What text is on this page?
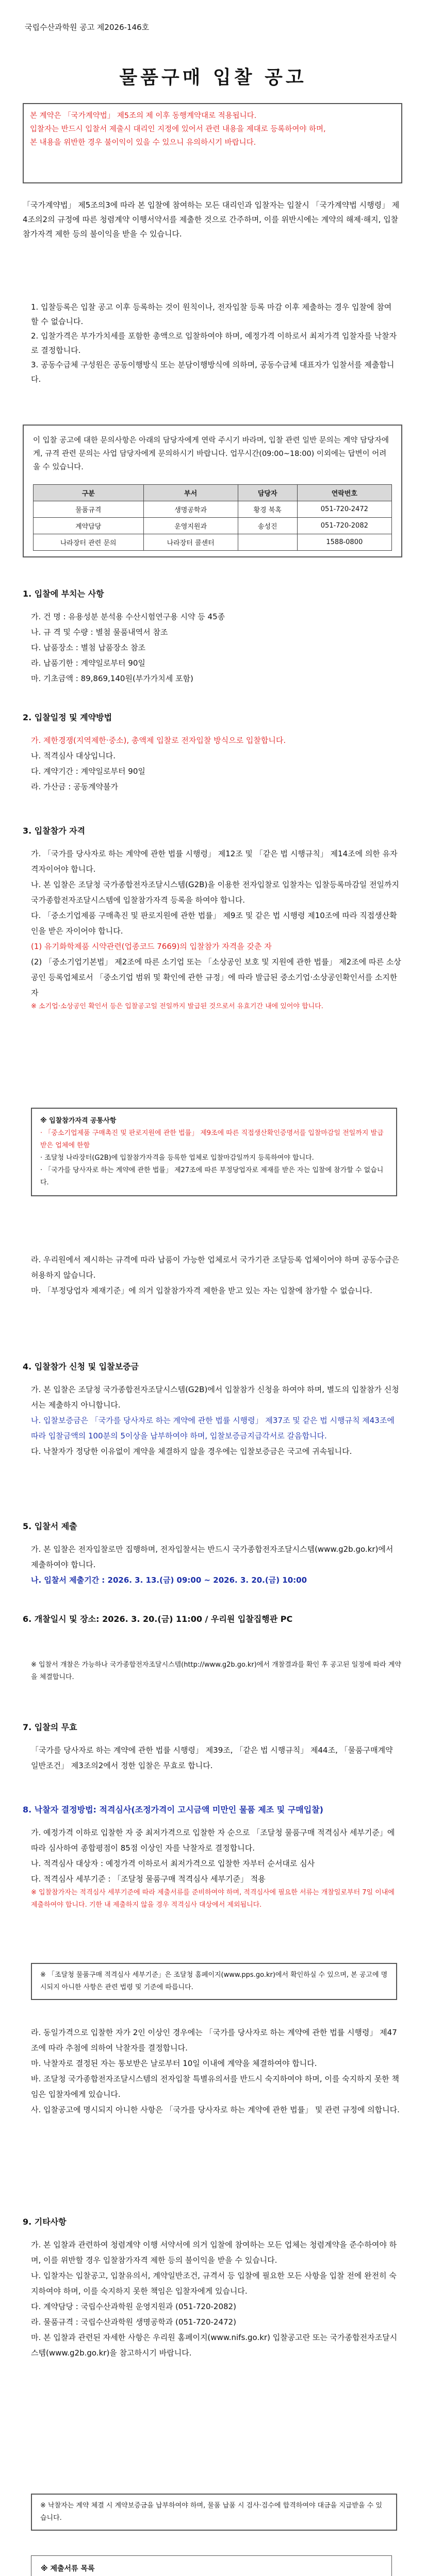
국립수산과학원 공고 제2026-146호
물품구매 입찰 공고
본 계약은 「국가계약법」 제5조의 제 이후 동행계약대로 적용됩니다.
입찰자는 반드시 입찰서 제출시 대리인 지정에 있어서 관련 내용을 제대로 등록하여야 하며,
본 내용을 위반한 경우 불이익이 있을 수 있으니 유의하시기 바랍니다.
「국가계약법」 제5조의3에 따라 본 입찰에 참여하는 모든 대리인과 입찰자는 입찰시 「국가계약법 시행령」 제4조의2의 규정에 따른 청렴계약 이행서약서를 제출한 것으로 간주하며, 이를 위반시에는 계약의 해제·해지, 입찰참가자격 제한 등의 불이익을 받을 수 있습니다.
1. 입찰등록은 입찰 공고 이후 등록하는 것이 원칙이나, 전자입찰 등록 마감 이후 제출하는 경우 입찰에 참여할 수 없습니다.
2. 입찰가격은 부가가치세를 포함한 총액으로 입찰하여야 하며, 예정가격 이하로서 최저가격 입찰자를 낙찰자로 결정합니다.
3. 공동수급체 구성원은 공동이행방식 또는 분담이행방식에 의하며, 공동수급체 대표자가 입찰서를 제출합니다.
이 입찰 공고에 대한 문의사항은 아래의 담당자에게 연락 주시기 바라며, 입찰 관련 일반 문의는 계약 담당자에게, 규격 관련 문의는 사업 담당자에게 문의하시기 바랍니다. 업무시간(09:00~18:00) 이외에는 답변이 어려울 수 있습니다.
구분	부서	담당자	연락번호
물품규격	생명공학과	황경 북혹	051-720-2472
계약담당	운영지원과	송성진	051-720-2082
나라장터 관련 문의	나라장터 콜센터		1588-0800
1. 입찰에 부치는 사항
가. 건 명 : 유용성분 분석용 수산시험연구용 시약 등 45종
나. 규 격 및 수량 : 별첨 물품내역서 참조
다. 납품장소 : 별첨 납품장소 참조
라. 납품기한 : 계약일로부터 90일
마. 기초금액 : 89,869,140원(부가가치세 포함)
2. 입찰일정 및 계약방법
가. 제한경쟁(지역제한·중소), 총액제 입찰로 전자입찰 방식으로 입찰합니다.
나. 적격심사 대상입니다.
다. 계약기간 : 계약일로부터 90일
라. 가산금 : 공동계약불가
3. 입찰참가 자격
가. 「국가를 당사자로 하는 계약에 관한 법률 시행령」 제12조 및 「같은 법 시행규칙」 제14조에 의한 유자격자이어야 합니다.
나. 본 입찰은 조달청 국가종합전자조달시스템(G2B)을 이용한 전자입찰로 입찰자는 입찰등록마감일 전일까지 국가종합전자조달시스템에 입찰참가자격 등록을 하여야 합니다.
다. 「중소기업제품 구매촉진 및 판로지원에 관한 법률」 제9조 및 같은 법 시행령 제10조에 따라 직접생산확인을 받은 자이어야 합니다.
(1) 유기화학제품 시약관련(업종코드 7669)의 입찰참가 자격을 갖춘 자
(2) 「중소기업기본법」 제2조에 따른 소기업 또는 「소상공인 보호 및 지원에 관한 법률」 제2조에 따른 소상공인 등록업체로서 「중소기업 범위 및 확인에 관한 규정」에 따라 발급된 중소기업·소상공인확인서를 소지한 자
※ 소기업·소상공인 확인서 등은 입찰공고일 전일까지 발급된 것으로서 유효기간 내에 있어야 합니다.
※ 입찰참가자격 공통사항
· 「중소기업제품 구매촉진 및 판로지원에 관한 법률」 제9조에 따른 직접생산확인증명서를 입찰마감일 전일까지 발급받은 업체에 한함
· 조달청 나라장터(G2B)에 입찰참가자격을 등록한 업체로 입찰마감일까지 등록하여야 합니다.
· 「국가를 당사자로 하는 계약에 관한 법률」 제27조에 따른 부정당업자로 제재를 받은 자는 입찰에 참가할 수 없습니다.
라. 우리원에서 제시하는 규격에 따라 납품이 가능한 업체로서 국가기관 조달등록 업체이어야 하며 공동수급은 허용하지 않습니다.
마. 「부정당업자 제재기준」에 의거 입찰참가자격 제한을 받고 있는 자는 입찰에 참가할 수 없습니다.
4. 입찰참가 신청 및 입찰보증금
가. 본 입찰은 조달청 국가종합전자조달시스템(G2B)에서 입찰참가 신청을 하여야 하며, 별도의 입찰참가 신청서는 제출하지 아니합니다.
나. 입찰보증금은 「국가를 당사자로 하는 계약에 관한 법률 시행령」 제37조 및 같은 법 시행규칙 제43조에 따라 입찰금액의 100분의 5이상을 납부하여야 하며, 입찰보증금지급각서로 갈음합니다.
다. 낙찰자가 정당한 이유없이 계약을 체결하지 않을 경우에는 입찰보증금은 국고에 귀속됩니다.
5. 입찰서 제출
가. 본 입찰은 전자입찰로만 집행하며, 전자입찰서는 반드시 국가종합전자조달시스템(www.g2b.go.kr)에서 제출하여야 합니다.
나. 입찰서 제출기간 : 2026. 3. 13.(금) 09:00 ~ 2026. 3. 20.(금) 10:00
6. 개찰일시 및 장소: 2026. 3. 20.(금) 11:00 / 우리원 입찰집행관 PC
※ 입찰서 개찰은 가능하나 국가종합전자조달시스템(http://www.g2b.go.kr)에서 개찰결과를 확인 후 공고된 일정에 따라 계약을 체결합니다.
7. 입찰의 무효
「국가를 당사자로 하는 계약에 관한 법률 시행령」 제39조, 「같은 법 시행규칙」 제44조, 「물품구매계약 일반조건」 제3조의2에서 정한 입찰은 무효로 합니다.
8. 낙찰자 결정방법: 적격심사(조정가격이 고시금액 미만인 물품 제조 및 구매입찰)
가. 예정가격 이하로 입찰한 자 중 최저가격으로 입찰한 자 순으로 「조달청 물품구매 적격심사 세부기준」에 따라 심사하여 종합평점이 85점 이상인 자를 낙찰자로 결정합니다.
나. 적격심사 대상자 : 예정가격 이하로서 최저가격으로 입찰한 자부터 순서대로 심사
다. 적격심사 세부기준 : 「조달청 물품구매 적격심사 세부기준」 적용
※ 입찰참가자는 적격심사 세부기준에 따라 제출서류를 준비하여야 하며, 적격심사에 필요한 서류는 개찰일로부터 7일 이내에 제출하여야 합니다. 기한 내 제출하지 않을 경우 적격심사 대상에서 제외됩니다.
※ 「조달청 물품구매 적격심사 세부기준」은 조달청 홈페이지(www.pps.go.kr)에서 확인하실 수 있으며, 본 공고에 명시되지 아니한 사항은 관련 법령 및 기준에 따릅니다.
라. 동일가격으로 입찰한 자가 2인 이상인 경우에는 「국가를 당사자로 하는 계약에 관한 법률 시행령」 제47조에 따라 추첨에 의하여 낙찰자를 결정합니다.
마. 낙찰자로 결정된 자는 통보받은 날로부터 10일 이내에 계약을 체결하여야 합니다.
바. 조달청 국가종합전자조달시스템의 전자입찰 특별유의서를 반드시 숙지하여야 하며, 이를 숙지하지 못한 책임은 입찰자에게 있습니다.
사. 입찰공고에 명시되지 아니한 사항은 「국가를 당사자로 하는 계약에 관한 법률」 및 관련 규정에 의합니다.
9. 기타사항
가. 본 입찰과 관련하여 청렴계약 이행 서약서에 의거 입찰에 참여하는 모든 업체는 청렴계약을 준수하여야 하며, 이를 위반할 경우 입찰참가자격 제한 등의 불이익을 받을 수 있습니다.
나. 입찰자는 입찰공고, 입찰유의서, 계약일반조건, 규격서 등 입찰에 필요한 모든 사항을 입찰 전에 완전히 숙지하여야 하며, 이를 숙지하지 못한 책임은 입찰자에게 있습니다.
다. 계약담당 : 국립수산과학원 운영지원과 (051-720-2082)
라. 물품규격 : 국립수산과학원 생명공학과 (051-720-2472)
마. 본 입찰과 관련된 자세한 사항은 우리원 홈페이지(www.nifs.go.kr) 입찰공고란 또는 국가종합전자조달시스템(www.g2b.go.kr)을 참고하시기 바랍니다.
※ 낙찰자는 계약 체결 시 계약보증금을 납부하여야 하며, 물품 납품 시 검사·검수에 합격하여야 대금을 지급받을 수 있습니다.
※ 제출서류 목록
